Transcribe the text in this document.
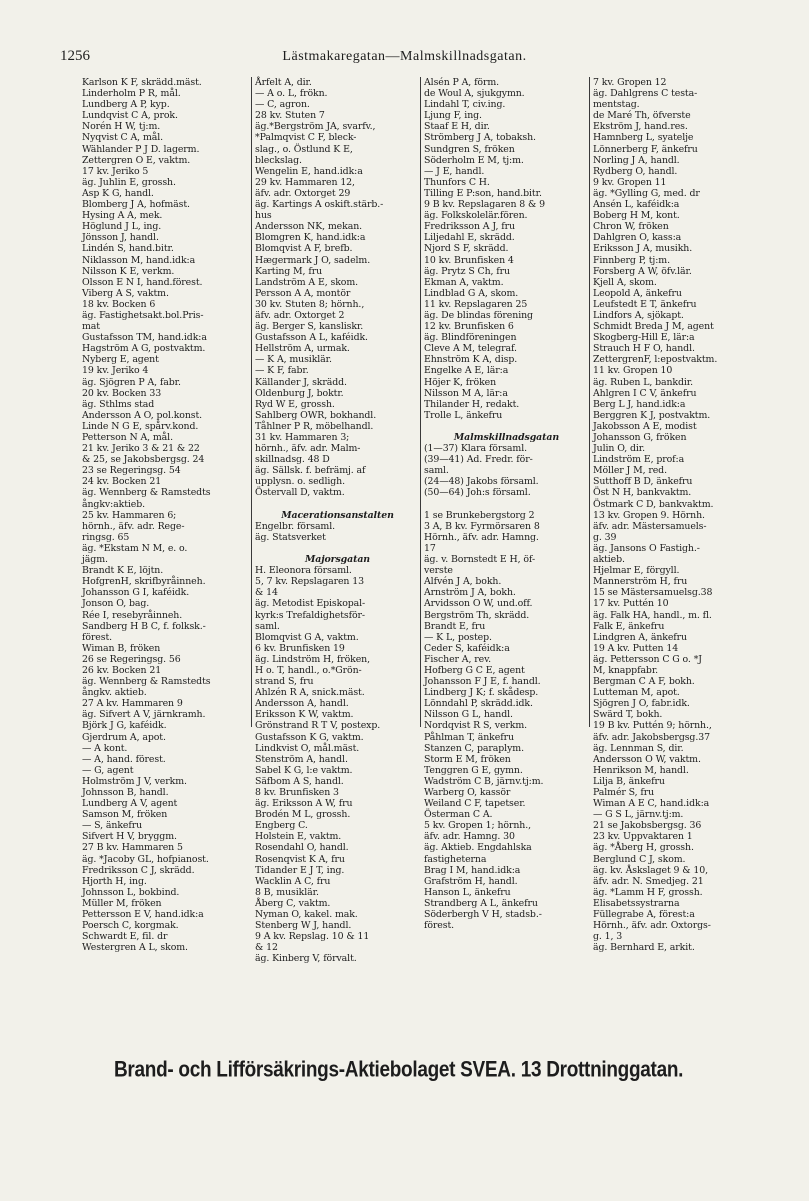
1256	Lästmakaregatan—Malmskillnadsgatan.
Karlson K F, skrädd.mäst.
Linderholm P R, mål.
Lundberg A P, kyp.
Lundqvist C A, prok.
Norén H W, tj:m.
Nyqvist C A, mål.
Wählander P J D. lagerm.
Zettergren O E, vaktm.
17 kv. Jeriko 5
äg. Juhlin E, grossh.
Asp K G, handl.
Blomberg J A, hofmäst.
Hysing A A, mek.
Höglund J L, ing.
Jönsson J, handl.
Lindén S, hand.bitr.
Niklasson M, hand.idk:a
Nilsson K E, verkm.
Olsson E N I, hand.förest.
Viberg A S, vaktm.
18 kv. Bocken 6
äg. Fastighetsakt.bol.Pris-
mat
Gustafsson TM, hand.idk:a
Hagström A G, postvaktm.
Nyberg E, agent
19 kv. Jeriko 4
äg. Sjögren P A, fabr.
20 kv. Bocken 33
äg. Sthlms stad
Andersson A O, pol.konst.
Linde N G E, spårv.kond.
Petterson N A, mål.
21 kv. Jeriko 3 & 21 & 22
& 25, se Jakobsbergsg. 24
23 se Regeringsg. 54
24 kv. Bocken 21
äg. Wennberg & Ramstedts
ångkv:aktieb.
25 kv. Hammaren 6;
hörnh., äfv. adr. Rege-
ringsg. 65
äg. *Ekstam N M, e. o.
jägm.
Brandt K E, löjtn.
HofgrenH, skrifbyråinneh.
Johansson G I, kaféidk.
Jonson O, bag.
Rée I, resebyråinneh.
Sandberg H B C, f. folksk.-
förest.
Wiman B, fröken
26 se Regeringsg. 56
26 kv. Bocken 21
äg. Wennberg & Ramstedts
ångkv. aktieb.
27 A kv. Hammaren 9
äg. Sifvert A V, järnkramh.
Björk J G, kaféidk.
Gjerdrum A, apot.
— A kont.
— A, hand. förest.
— G, agent
Holmström J V, verkm.
Johnsson B, handl.
Lundberg A V, agent
Samson M, fröken
— S, änkefru
Sifvert H V, bryggm.
27 B kv. Hammaren 5
äg. *Jacoby GL, hofpianost.
Fredriksson C J, skrädd.
Hjorth H, ing.
Johnsson L, bokbind.
Müller M, fröken
Pettersson E V, hand.idk:a
Poersch C, korgmak.
Schwardt E, fil. dr
Westergren A L, skom.
Årfelt A, dir.
— A o. L, frökn.
— C, agron.
28 kv. Stuten 7
äg.*Bergström JA, svarfv.,
*Palmqvist C F, bleck-
slag., o. Östlund K E,
bleckslag.
Wengelin E, hand.idk:a
29 kv. Hammaren 12,
äfv. adr. Oxtorget 29
äg. Kartings A oskift.stärb.-
hus
Andersson NK, mekan.
Blomgren K, hand.idk:a
Blomqvist A F, brefb.
Hægermark J O, sadelm.
Karting M, fru
Landström A E, skom.
Persson A A, montör
30 kv. Stuten 8; hörnh.,
äfv. adr. Oxtorget 2
äg. Berger S, kansliskr.
Gustafsson A L, kaféidk.
Hellström A, urmak.
— K A, musiklär.
— K F, fabr.
Källander J, skrädd.
Oldenburg J, boktr.
Ryd W E, grossh.
Sahlberg OWR, bokhandl.
Tåhlner P R, möbelhandl.
31 kv. Hammaren 3;
hörnh., äfv. adr. Malm-
skillnadsg. 48 D
äg. Sällsk. f. befrämj. af
upplysn. o. sedligh.
Östervall D, vaktm.

Macerationsanstalten
Engelbr. församl.
äg. Statsverket

Majorsgatan
H. Eleonora församl.
5, 7 kv. Repslagaren 13
& 14
äg. Metodist Episkopal-
kyrk:s Trefaldighetsför-
saml.
Blomqvist G A, vaktm.
6 kv. Brunfisken 19
äg. Lindström H, fröken,
H o. T, handl., o.*Grön-
strand S, fru
Ahlzén R A, snick.mäst.
Andersson A, handl.
Eriksson K W, vaktm.
Grönstrand R T V, postexp.
Gustafsson K G, vaktm.
Lindkvist O, mål.mäst.
Stenström A, handl.
Sabel K G, l:e vaktm.
Säfbom A S, handl.
8 kv. Brunfisken 3
äg. Eriksson A W, fru
Brodén M L, grossh.
Engberg C.
Holstein E, vaktm.
Rosendahl O, handl.
Rosenqvist K A, fru
Tidander E J T, ing.
Wacklin A C, fru
8 B, musiklär.
Åberg C, vaktm.
Nyman O, kakel. mak.
Stenberg W J, handl.
9 A kv. Repslag. 10 & 11
& 12
äg. Kinberg V, förvalt.
Alsén P A, förm.
de Woul A, sjukgymn.
Lindahl T, civ.ing.
Ljung F, ing.
Staaf E H, dir.
Strömberg J A, tobaksh.
Sundgren S, fröken
Söderholm E M, tj:m.
— J E, handl.
Thunfors C H.
Tilling E P:son, hand.bitr.
9 B kv. Repslagaren 8 & 9
äg. Folkskolelär.fören.
Fredriksson A J, fru
Liljedahl E, skrädd.
Njord S F, skrädd.
10 kv. Brunfisken 4
äg. Prytz S Ch, fru
Ekman A, vaktm.
Lindblad G A, skom.
11 kv. Repslagaren 25
äg. De blindas förening
12 kv. Brunfisken 6
äg. Blindföreningen
Cleve A M, telegraf.
Ehnström K A, disp.
Engelke A E, lär:a
Höjer K, fröken
Nilsson M A, lär:a
Thilander H, redakt.
Trolle L, änkefru

Malmskillnadsgatan
(1—37) Klara församl.
(39—41) Ad. Fredr. för-
saml.
(24—48) Jakobs församl.
(50—64) Joh:s församl.

1 se Brunkebergstorg 2
3 A, B kv. Fyrmörsaren 8
Hörnh., äfv. adr. Hamng.
17
äg. v. Bornstedt E H, öf-
verste
Alfvén J A, bokh.
Arnström J A, bokh.
Arvidsson O W, und.off.
Bergström Th, skrädd.
Brandt E, fru
— K L, postep.
Ceder S, kaféidk:a
Fischer A, rev.
Hofberg G C E, agent
Johansson F J E, f. handl.
Lindberg J K; f. skådesp.
Lönndahl P, skrädd.idk.
Nilsson G L, handl.
Nordqvist R S, verkm.
Påhlman T, änkefru
Stanzen C, paraplym.
Storm E M, fröken
Tenggren G E, gymn.
Wadström C B, järnv.tj:m.
Warberg O, kassör
Weiland C F, tapetser.
Österman C A.
5 kv. Gropen 1; hörnh.,
äfv. adr. Hamng. 30
äg. Aktieb. Engdahlska
fastigheterna
Brag I M, hand.idk:a
Grafström H, handl.
Hanson L, änkefru
Strandberg A L, änkefru
Söderbergh V H, stadsb.-
förest.
7 kv. Gropen 12
äg. Dahlgrens C testa-
mentstag.
de Maré Th, öfverste
Ekström J, hand.res.
Hamnberg L, syatelje
Lönnerberg F, änkefru
Norling J A, handl.
Rydberg O, handl.
9 kv. Gropen 11
äg. *Gylling G, med. dr
Ansén L, kaféidk:a
Boberg H M, kont.
Chron W, fröken
Dahlgren O, kass:a
Eriksson J A, musikh.
Finnberg P, tj:m.
Forsberg A W, öfv.lär.
Kjell A, skom.
Leopold A, änkefru
Leufstedt E T, änkefru
Lindfors A, sjökapt.
Schmidt Breda J M, agent
Skogberg-Hill E, lär:a
Strauch H F O, handl.
ZettergrenF, l:epostvaktm.
11 kv. Gropen 10
äg. Ruben L, bankdir.
Ahlgren I C V, änkefru
Berg L J, hand.idk:a
Berggren K J, postvaktm.
Jakobsson A E, modist
Johansson G, fröken
Julin O, dir.
Lindström E, prof:a
Möller J M, red.
Sutthoff B D, änkefru
Öst N H, bankvaktm.
Östmark C D, bankvaktm.
13 kv. Gropen 9. Hörnh.
äfv. adr. Mästersamuels-
g. 39
äg. Jansons O Fastigh.-
aktieb.
Hjelmar E, förgyll.
Mannerström H, fru
15 se Mästersamuelsg.38
17 kv. Puttén 10
äg. Falk HA, handl., m. fl.
Falk E, änkefru
Lindgren A, änkefru
19 A kv. Putten 14
äg. Pettersson C G o. *J
M, knappfabr.
Bergman C A F, bokh.
Lutteman M, apot.
Sjögren J O, fabr.idk.
Swärd T, bokh.
19 B kv. Puttén 9; hörnh.,
äfv. adr. Jakobsbergsg.37
äg. Lennman S, dir.
Andersson O W, vaktm.
Henrikson M, handl.
Lilja B, änkefru
Palmér S, fru
Wiman A E C, hand.idk:a
— G S L, järnv.tj:m.
21 se Jakobsbergsg. 36
23 kv. Uppvaktaren 1
äg. *Åberg H, grossh.
Berglund C J, skom.
äg. kv. Åskslaget 9 & 10,
äfv. adr. N. Smedjeg. 21
äg. *Lamm H F, grossh.
Elisabetssystrarna
Füllegrabe A, förest:a
Hörnh., äfv. adr. Oxtorgs-
g. 1, 3
äg. Bernhard E, arkit.
Brand- och Lifförsäkrings-Aktiebolaget SVEA. 13 Drottninggatan.
